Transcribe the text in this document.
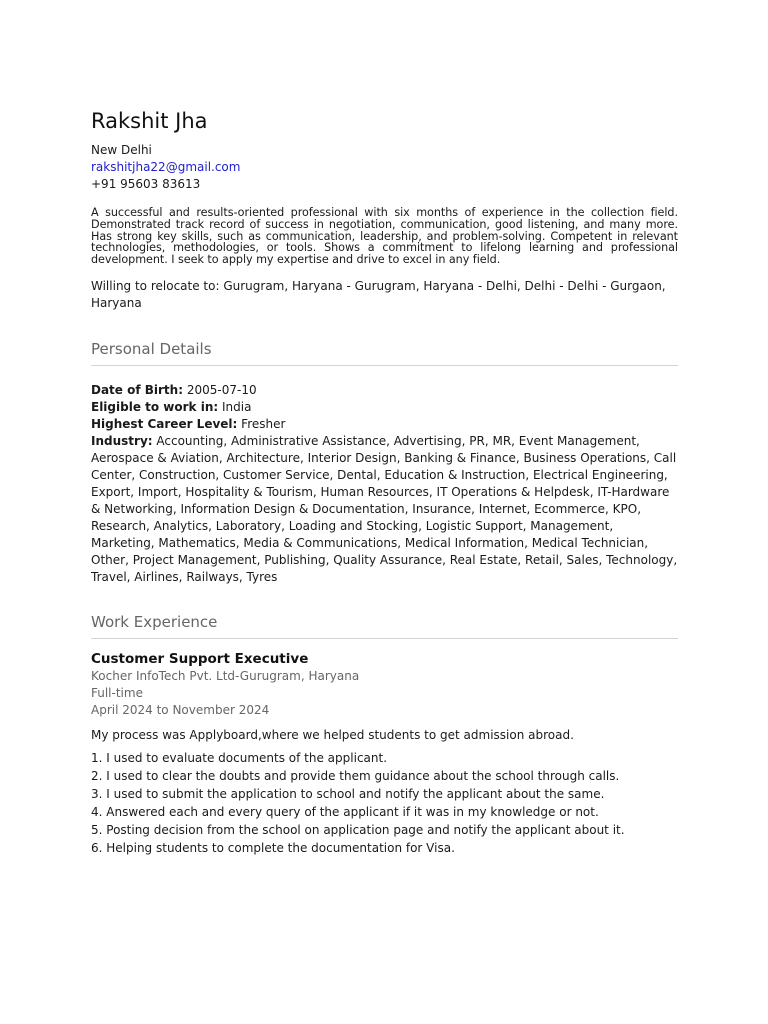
Rakshit Jha
New Delhi
rakshitjha22@gmail.com
+91 95603 83613
A successful and results-oriented professional with six months of experience in the collection field. Demonstrated track record of success in negotiation, communication, good listening, and many more. Has strong key skills, such as communication, leadership, and problem-solving. Competent in relevant technologies, methodologies, or tools. Shows a commitment to lifelong learning and professional development. I seek to apply my expertise and drive to excel in any field.
Willing to relocate to: Gurugram, Haryana - Gurugram, Haryana - Delhi, Delhi - Delhi - Gurgaon, Haryana
Personal Details
Date of Birth: 2005-07-10
Eligible to work in: India
Highest Career Level: Fresher
Industry: Accounting, Administrative Assistance, Advertising, PR, MR, Event Management, Aerospace & Aviation, Architecture, Interior Design, Banking & Finance, Business Operations, Call Center, Construction, Customer Service, Dental, Education & Instruction, Electrical Engineering, Export, Import, Hospitality & Tourism, Human Resources, IT Operations & Helpdesk, IT-Hardware & Networking, Information Design & Documentation, Insurance, Internet, Ecommerce, KPO, Research, Analytics, Laboratory, Loading and Stocking, Logistic Support, Management, Marketing, Mathematics, Media & Communications, Medical Information, Medical Technician, Other, Project Management, Publishing, Quality Assurance, Real Estate, Retail, Sales, Technology, Travel, Airlines, Railways, Tyres
Work Experience
Customer Support Executive
Kocher InfoTech Pvt. Ltd-Gurugram, Haryana
Full-time
April 2024 to November 2024
My process was Applyboard,where we helped students to get admission abroad.
1. I used to evaluate documents of the applicant.
2. I used to clear the doubts and provide them guidance about the school through calls.
3. I used to submit the application to school and notify the applicant about the same.
4. Answered each and every query of the applicant if it was in my knowledge or not.
5. Posting decision from the school on application page and notify the applicant about it.
6. Helping students to complete the documentation for Visa.
